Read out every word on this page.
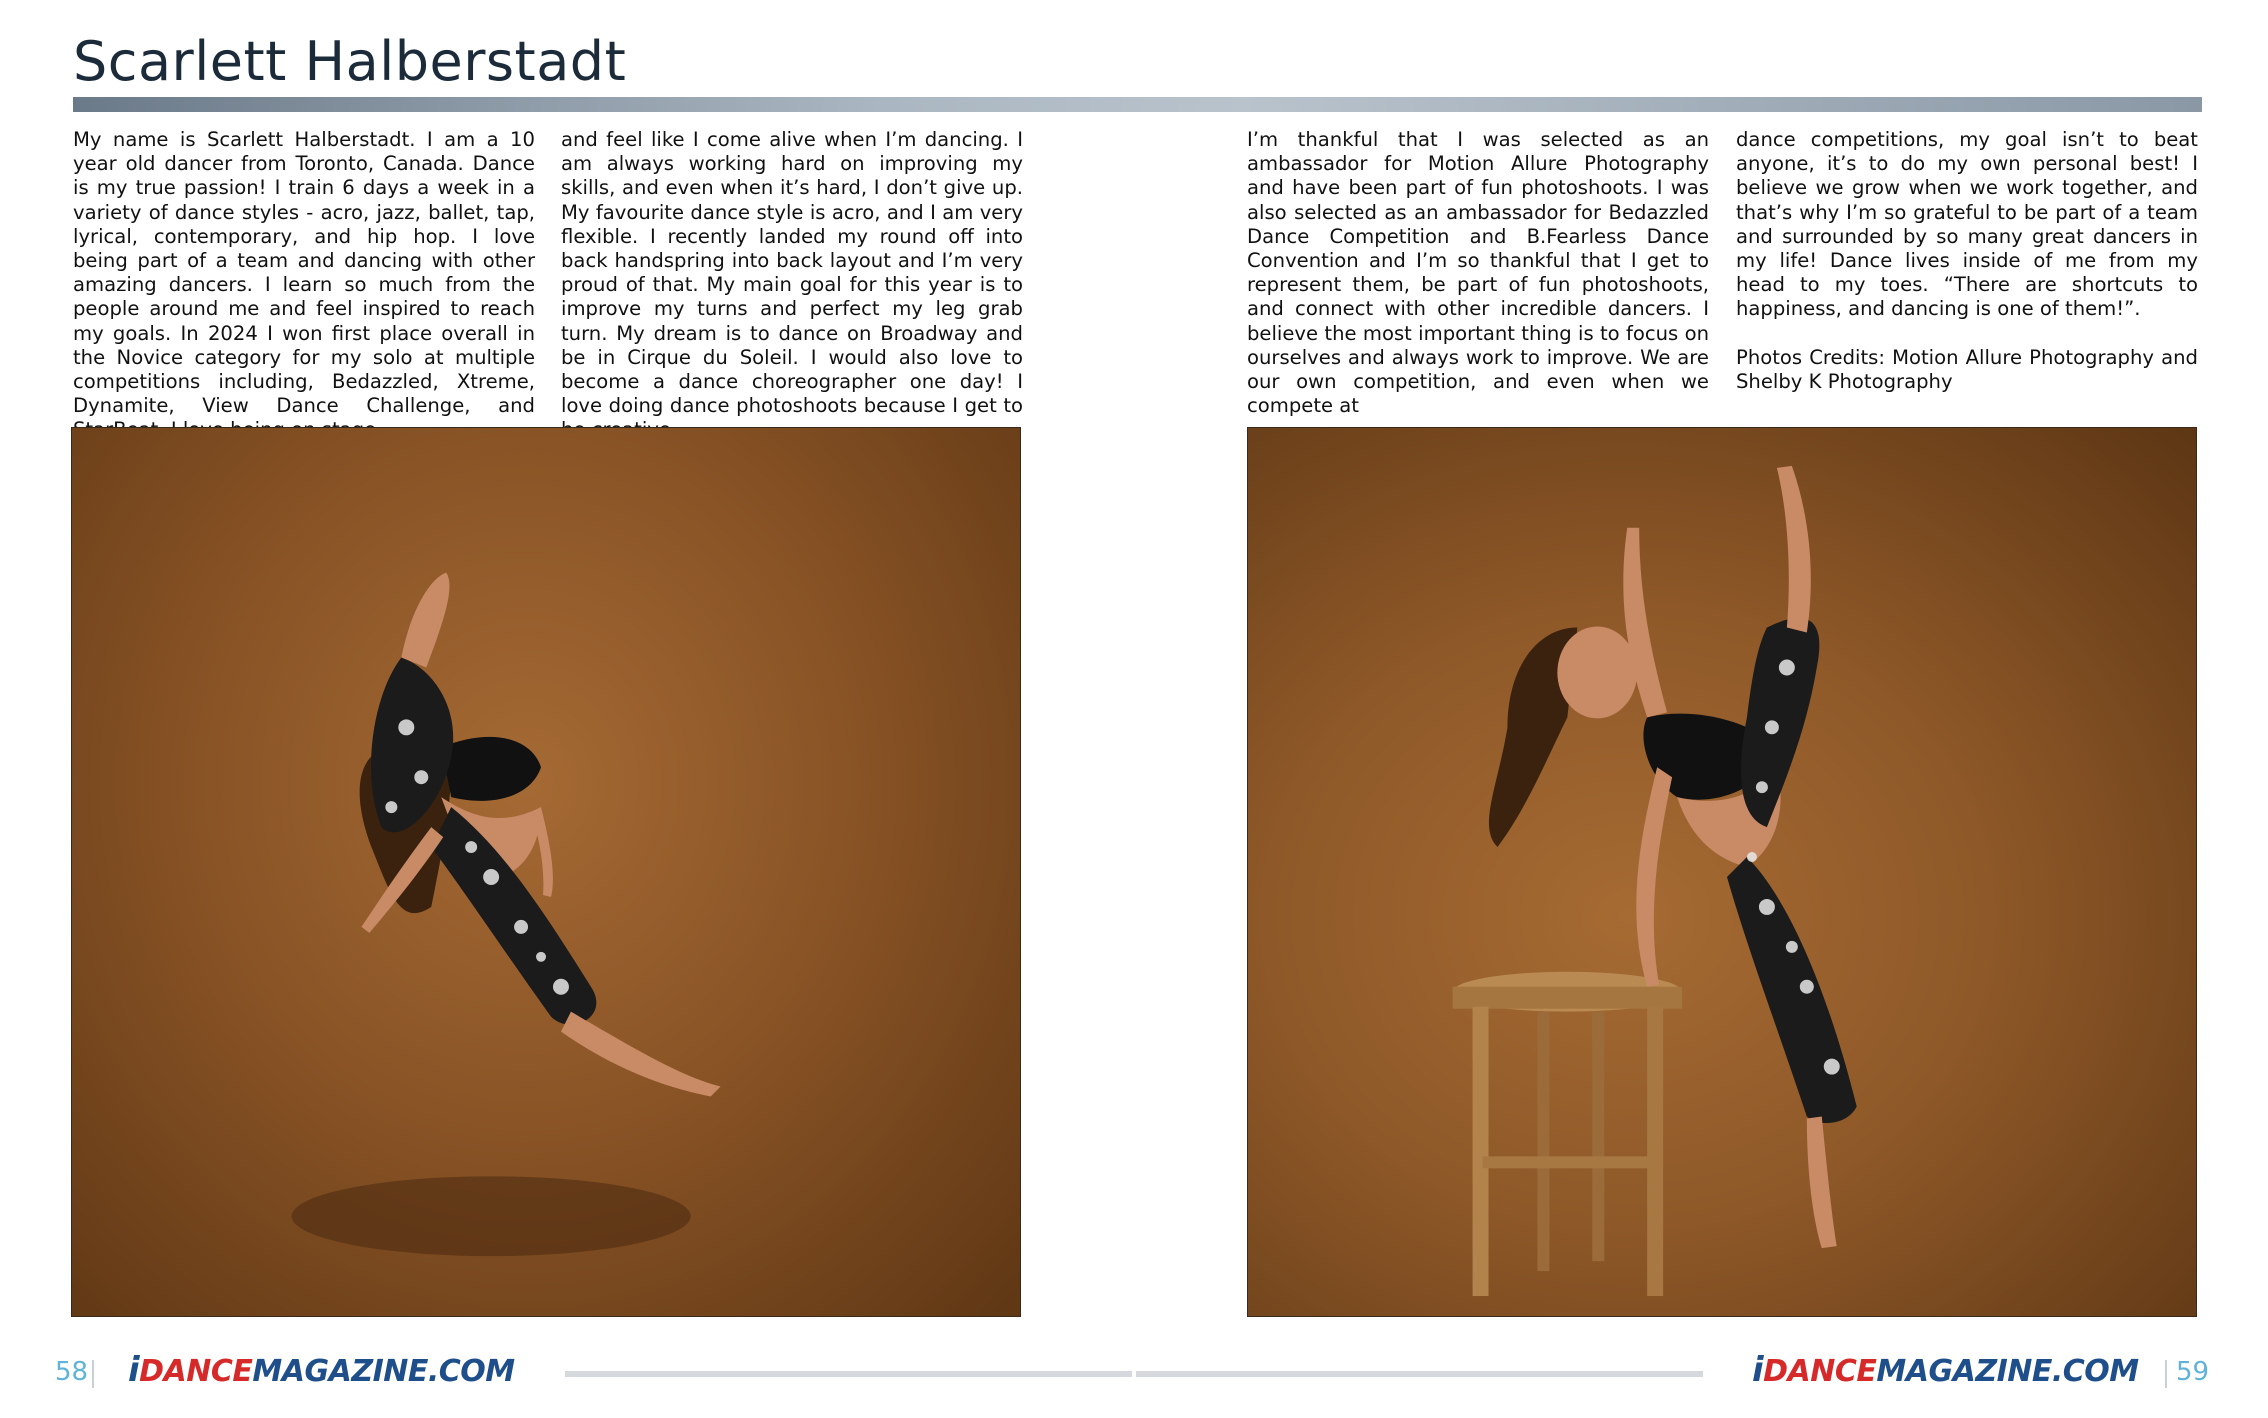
Scarlett Halberstadt

My name is Scarlett Halberstadt. I am a 10 year old dancer from Toronto, Canada. Dance is my true passion! I train 6 days a week in a variety of dance styles - acro, jazz, ballet, tap, lyrical, contemporary, and hip hop. I love being part of a team and dancing with other amazing dancers. I learn so much from the people around me and feel inspired to reach my goals. In 2024 I won first place overall in the Novice category for my solo at multiple competitions including, Bedazzled, Xtreme, Dynamite, View Dance Challenge, and

and feel like I come alive when I’m dancing. I am always working hard on improving my skills, and even when it’s hard, I don’t give up. My favourite dance style is acro, and I am very flexible. I recently landed my round off into back handspring into back layout and I’m very proud of that. My main goal for this year is to improve my turns and perfect my leg grab turn. My dream is to dance on Broadway and be in Cirque du Soleil. I would also love to become a dance choreographer one day! I love doing dance photoshoots because I get to

I’m thankful that I was selected as an ambassador for Motion Allure Photography and have been part of fun photoshoots. I was also selected as an ambassador for Bedazzled Dance Competition and B.Fearless Dance Convention and I’m so thankful that I get to represent them, be part of fun photoshoots, and connect with other incredible dancers. I believe the most important thing is to focus on ourselves and always work to improve. We are our own competition, and even when we compete at

dance competitions, my goal isn’t to beat anyone, it’s to do my own personal best! I believe we grow when we work together, and that’s why I’m so grateful to be part of a team and surrounded by so many great dancers in my life! Dance lives inside of me from my head to my toes. “There are shortcuts to happiness, and dancing is one of them!”.

Photos Credits: Motion Allure Photography and Shelby K Photography

58 iDANCEMAGAZINE.COM	iDANCEMAGAZINE.COM 59
